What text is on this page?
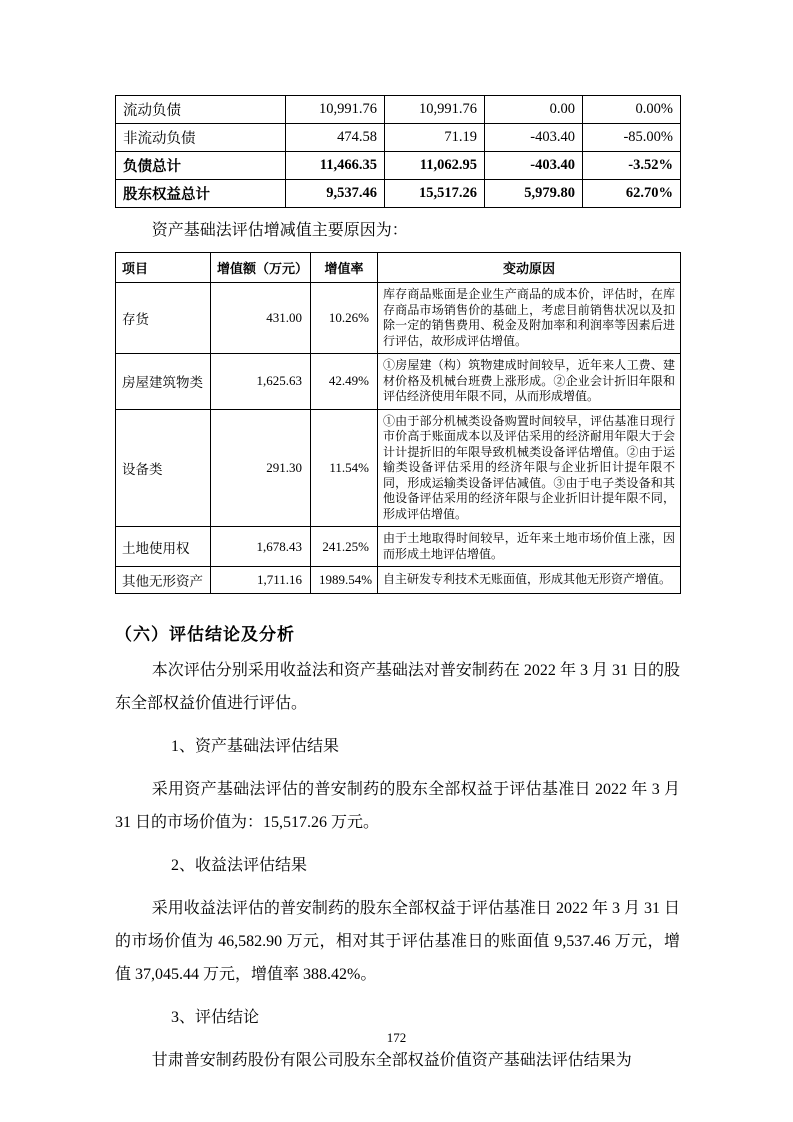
流动负债	10,991.76	10,991.76	0.00	0.00%
非流动负债	474.58	71.19	-403.40	-85.00%
负债总计	11,466.35	11,062.95	-403.40	-3.52%
股东权益总计	9,537.46	15,517.26	5,979.80	62.70%

资产基础法评估增减值主要原因为：

项目	增值额（万元）	增值率	变动原因
存货	431.00	10.26%	库存商品账面是企业生产商品的成本价，评估时，在库存商品市场销售价的基础上，考虑目前销售状况以及扣除一定的销售费用、税金及附加率和利润率等因素后进行评估，故形成评估增值。
房屋建筑物类	1,625.63	42.49%	①房屋建（构）筑物建成时间较早，近年来人工费、建材价格及机械台班费上涨形成。②企业会计折旧年限和评估经济使用年限不同，从而形成增值。
设备类	291.30	11.54%	①由于部分机械类设备购置时间较早，评估基准日现行市价高于账面成本以及评估采用的经济耐用年限大于会计计提折旧的年限导致机械类设备评估增值。②由于运输类设备评估采用的经济年限与企业折旧计提年限不同，形成运输类设备评估减值。③由于电子类设备和其他设备评估采用的经济年限与企业折旧计提年限不同，形成评估增值。
土地使用权	1,678.43	241.25%	由于土地取得时间较早，近年来土地市场价值上涨，因而形成土地评估增值。
其他无形资产	1,711.16	1989.54%	自主研发专利技术无账面值，形成其他无形资产增值。
（六）评估结论及分析

本次评估分别采用收益法和资产基础法对普安制药在 2022 年 3 月 31 日的股东全部权益价值进行评估。

1、资产基础法评估结果

采用资产基础法评估的普安制药的股东全部权益于评估基准日 2022 年 3 月 31 日的市场价值为：15,517.26 万元。

2、收益法评估结果

采用收益法评估的普安制药的股东全部权益于评估基准日 2022 年 3 月 31 日的市场价值为 46,582.90 万元，相对其于评估基准日的账面值 9,537.46 万元，增值 37,045.44 万元，增值率 388.42%。

3、评估结论

甘肃普安制药股份有限公司股东全部权益价值资产基础法评估结果为

172
